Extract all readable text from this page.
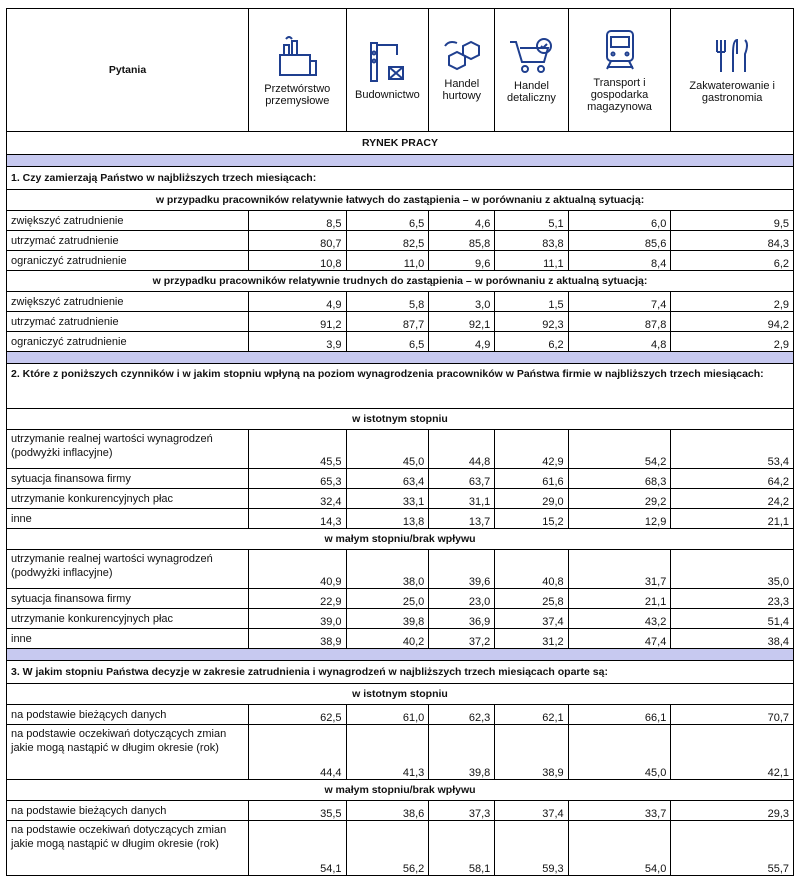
Pytania	Przetwórstwo przemysłowe	Budownictwo	Handel hurtowy	Handel detaliczny	Transport i gospodarka magazynowa	Zakwaterowanie i gastronomia
RYNEK PRACY						

1. Czy zamierzają Państwo w najbliższych trzech miesiącach:						
w przypadku pracowników relatywnie łatwych do zastąpienia – w porównaniu z aktualną sytuacją:						
zwiększyć zatrudnienie	8,5	6,5	4,6	5,1	6,0	9,5
utrzymać zatrudnienie	80,7	82,5	85,8	83,8	85,6	84,3
ograniczyć zatrudnienie	10,8	11,0	9,6	11,1	8,4	6,2
w przypadku pracowników relatywnie trudnych do zastąpienia – w porównaniu z aktualną sytuacją:						
zwiększyć zatrudnienie	4,9	5,8	3,0	1,5	7,4	2,9
utrzymać zatrudnienie	91,2	87,7	92,1	92,3	87,8	94,2
ograniczyć zatrudnienie	3,9	6,5	4,9	6,2	4,8	2,9

2. Które z poniższych czynników i w jakim stopniu wpłyną na poziom wynagrodzenia pracowników w Państwa firmie w najbliższych trzech miesiącach:						
w istotnym stopniu						
utrzymanie realnej wartości wynagrodzeń (podwyżki inflacyjne)	45,5	45,0	44,8	42,9	54,2	53,4
sytuacja finansowa firmy	65,3	63,4	63,7	61,6	68,3	64,2
utrzymanie konkurencyjnych płac	32,4	33,1	31,1	29,0	29,2	24,2
inne	14,3	13,8	13,7	15,2	12,9	21,1
w małym stopniu/brak wpływu						
utrzymanie realnej wartości wynagrodzeń (podwyżki inflacyjne)	40,9	38,0	39,6	40,8	31,7	35,0
sytuacja finansowa firmy	22,9	25,0	23,0	25,8	21,1	23,3
utrzymanie konkurencyjnych płac	39,0	39,8	36,9	37,4	43,2	51,4
inne	38,9	40,2	37,2	31,2	47,4	38,4

3. W jakim stopniu Państwa decyzje w zakresie zatrudnienia i wynagrodzeń w najbliższych trzech miesiącach oparte są:						
w istotnym stopniu						
na podstawie bieżących danych	62,5	61,0	62,3	62,1	66,1	70,7
na podstawie oczekiwań dotyczących zmian jakie mogą nastąpić w długim okresie (rok)	44,4	41,3	39,8	38,9	45,0	42,1
w małym stopniu/brak wpływu						
na podstawie bieżących danych	35,5	38,6	37,3	37,4	33,7	29,3
na podstawie oczekiwań dotyczących zmian jakie mogą nastąpić w długim okresie (rok)	54,1	56,2	58,1	59,3	54,0	55,7
